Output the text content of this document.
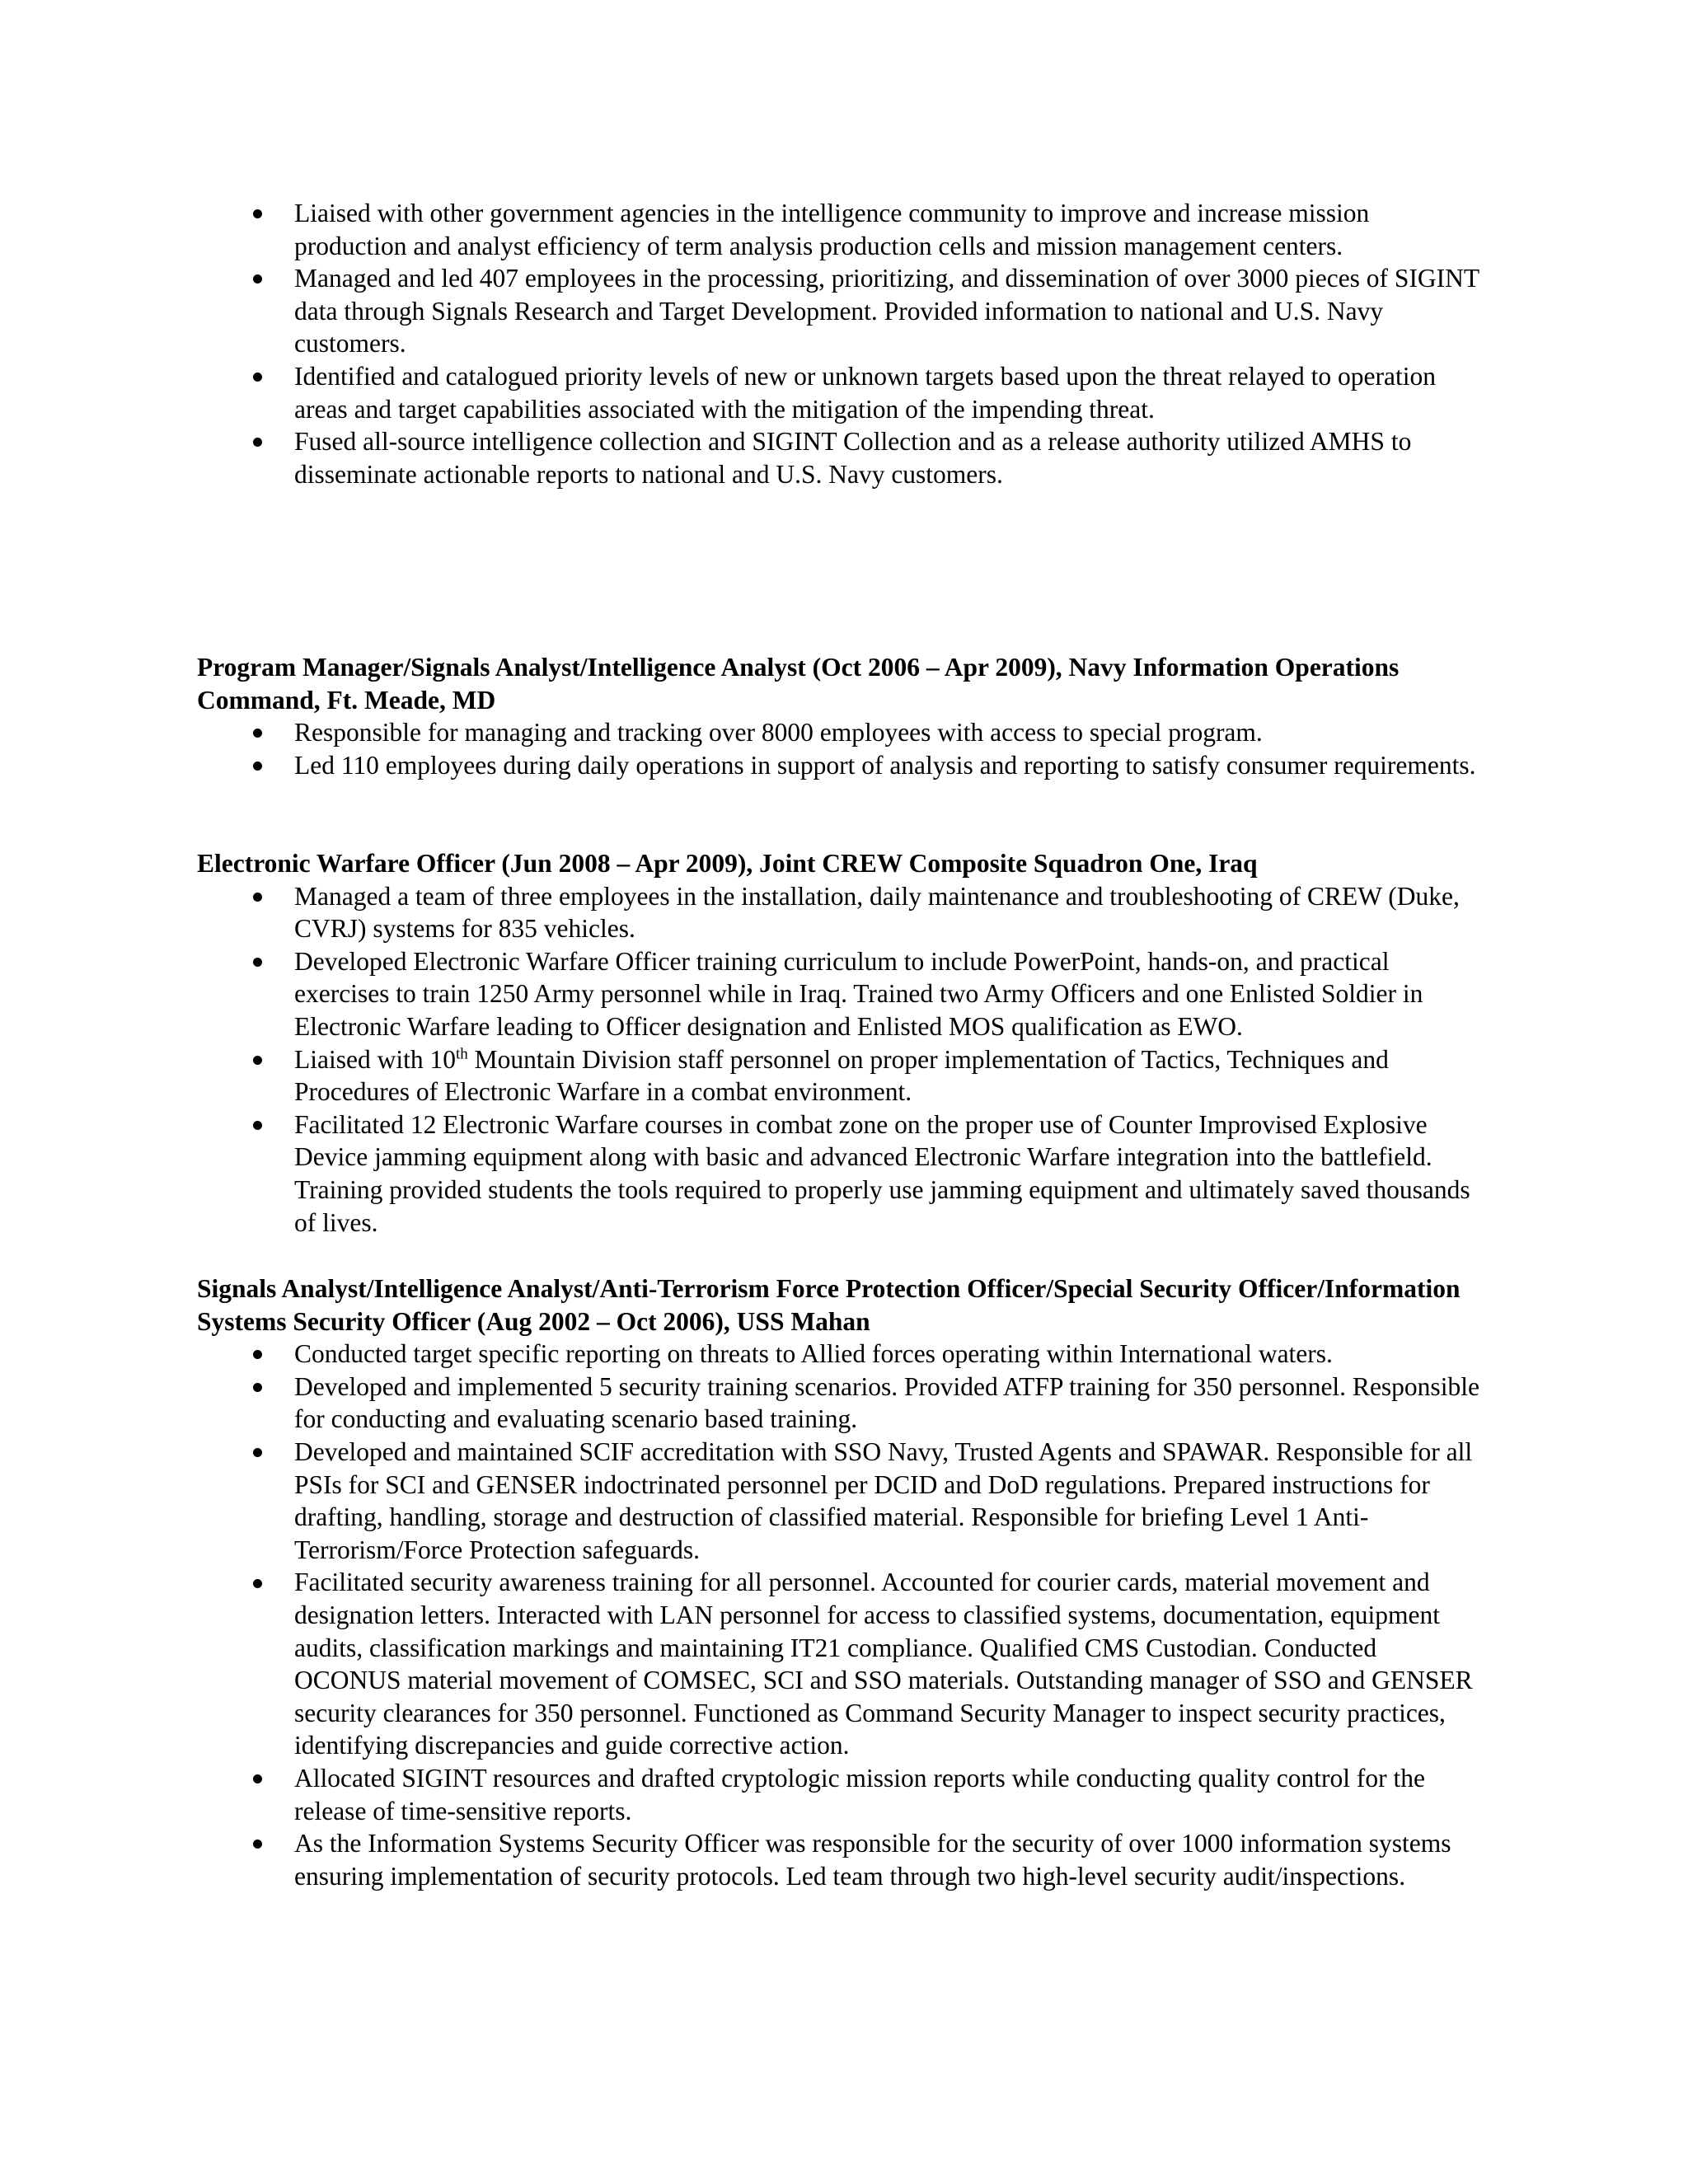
Liaised with other government agencies in the intelligence community to improve and increase mission production and analyst efficiency of term analysis production cells and mission management centers.
Managed and led 407 employees in the processing, prioritizing, and dissemination of over 3000 pieces of SIGINT data through Signals Research and Target Development. Provided information to national and U.S. Navy customers.
Identified and catalogued priority levels of new or unknown targets based upon the threat relayed to operation areas and target capabilities associated with the mitigation of the impending threat.
Fused all-source intelligence collection and SIGINT Collection and as a release authority utilized AMHS to disseminate actionable reports to national and U.S. Navy customers.

Program Manager/Signals Analyst/Intelligence Analyst (Oct 2006 – Apr 2009), Navy Information Operations Command, Ft. Meade, MD

Responsible for managing and tracking over 8000 employees with access to special program.
Led 110 employees during daily operations in support of analysis and reporting to satisfy consumer requirements.

Electronic Warfare Officer (Jun 2008 – Apr 2009), Joint CREW Composite Squadron One, Iraq

Managed a team of three employees in the installation, daily maintenance and troubleshooting of CREW (Duke, CVRJ) systems for 835 vehicles.
Developed Electronic Warfare Officer training curriculum to include PowerPoint, hands-on, and practical exercises to train 1250 Army personnel while in Iraq. Trained two Army Officers and one Enlisted Soldier in Electronic Warfare leading to Officer designation and Enlisted MOS qualification as EWO.
Liaised with 10th Mountain Division staff personnel on proper implementation of Tactics, Techniques and Procedures of Electronic Warfare in a combat environment.
Facilitated 12 Electronic Warfare courses in combat zone on the proper use of Counter Improvised Explosive Device jamming equipment along with basic and advanced Electronic Warfare integration into the battlefield. Training provided students the tools required to properly use jamming equipment and ultimately saved thousands of lives.

Signals Analyst/Intelligence Analyst/Anti-Terrorism Force Protection Officer/Special Security Officer/Information Systems Security Officer (Aug 2002 – Oct 2006), USS Mahan

Conducted target specific reporting on threats to Allied forces operating within International waters.
Developed and implemented 5 security training scenarios. Provided ATFP training for 350 personnel. Responsible for conducting and evaluating scenario based training.
Developed and maintained SCIF accreditation with SSO Navy, Trusted Agents and SPAWAR. Responsible for all PSIs for SCI and GENSER indoctrinated personnel per DCID and DoD regulations. Prepared instructions for drafting, handling, storage and destruction of classified material. Responsible for briefing Level 1 Anti-Terrorism/Force Protection safeguards.
Facilitated security awareness training for all personnel. Accounted for courier cards, material movement and designation letters. Interacted with LAN personnel for access to classified systems, documentation, equipment audits, classification markings and maintaining IT21 compliance. Qualified CMS Custodian. Conducted OCONUS material movement of COMSEC, SCI and SSO materials. Outstanding manager of SSO and GENSER security clearances for 350 personnel. Functioned as Command Security Manager to inspect security practices, identifying discrepancies and guide corrective action.
Allocated SIGINT resources and drafted cryptologic mission reports while conducting quality control for the release of time-sensitive reports.
As the Information Systems Security Officer was responsible for the security of over 1000 information systems ensuring implementation of security protocols. Led team through two high-level security audit/inspections.
